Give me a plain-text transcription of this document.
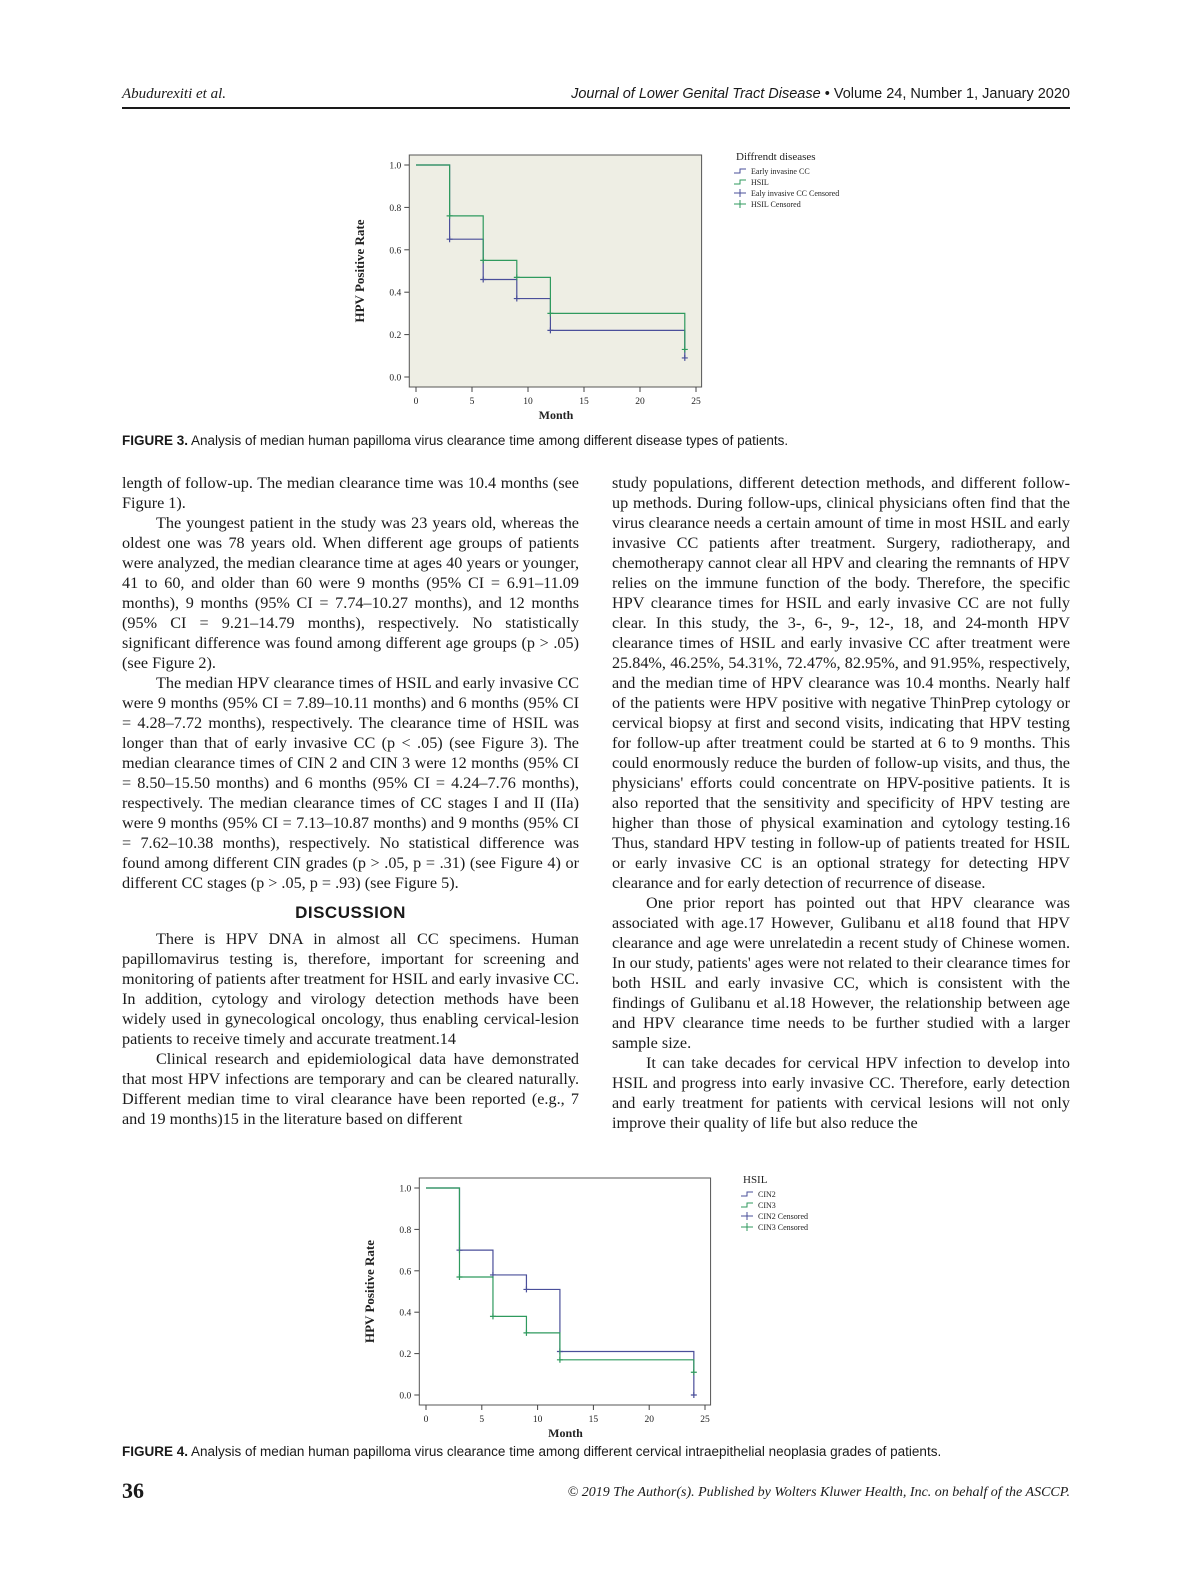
Abudurexiti et al.	Journal of Lower Genital Tract Disease • Volume 24, Number 1, January 2020
0.0
0.2
0.4
0.6
0.8
1.0
0	5	10	15	20	25
Month
HPV Positive Rate
Diffrendt diseases
Early invasine CC
HSIL
Ealy invasive CC Censored
HSIL Censored
FIGURE 3. Analysis of median human papilloma virus clearance time among different disease types of patients.

length of follow-up. The median clearance time was 10.4 months (see Figure 1).

The youngest patient in the study was 23 years old, whereas the oldest one was 78 years old. When different age groups of patients were analyzed, the median clearance time at ages 40 years or younger, 41 to 60, and older than 60 were 9 months (95% CI = 6.91–11.09 months), 9 months (95% CI = 7.74–10.27 months), and 12 months (95% CI = 9.21–14.79 months), respectively. No statistically significant difference was found among different age groups (p > .05) (see Figure 2).

The median HPV clearance times of HSIL and early invasive CC were 9 months (95% CI = 7.89–10.11 months) and 6 months (95% CI = 4.28–7.72 months), respectively. The clearance time of HSIL was longer than that of early invasive CC (p < .05) (see Figure 3). The median clearance times of CIN 2 and CIN 3 were 12 months (95% CI = 8.50–15.50 months) and 6 months (95% CI = 4.24–7.76 months), respectively. The median clearance times of CC stages I and II (IIa) were 9 months (95% CI = 7.13–10.87 months) and 9 months (95% CI = 7.62–10.38 months), respectively. No statistical difference was found among different CIN grades (p > .05, p = .31) (see Figure 4) or different CC stages (p > .05, p = .93) (see Figure 5).

DISCUSSION

There is HPV DNA in almost all CC specimens. Human papillomavirus testing is, therefore, important for screening and monitoring of patients after treatment for HSIL and early invasive CC. In addition, cytology and virology detection methods have been widely used in gynecological oncology, thus enabling cervical-lesion patients to receive timely and accurate treatment.14

Clinical research and epidemiological data have demonstrated that most HPV infections are temporary and can be cleared naturally. Different median time to viral clearance have been reported (e.g., 7 and 19 months)15 in the literature based on different

study populations, different detection methods, and different follow-up methods. During follow-ups, clinical physicians often find that the virus clearance needs a certain amount of time in most HSIL and early invasive CC patients after treatment. Surgery, radiotherapy, and chemotherapy cannot clear all HPV and clearing the remnants of HPV relies on the immune function of the body. Therefore, the specific HPV clearance times for HSIL and early invasive CC are not fully clear. In this study, the 3-, 6-, 9-, 12-, 18, and 24-month HPV clearance times of HSIL and early invasive CC after treatment were 25.84%, 46.25%, 54.31%, 72.47%, 82.95%, and 91.95%, respectively, and the median time of HPV clearance was 10.4 months. Nearly half of the patients were HPV positive with negative ThinPrep cytology or cervical biopsy at first and second visits, indicating that HPV testing for follow-up after treatment could be started at 6 to 9 months. This could enormously reduce the burden of follow-up visits, and thus, the physicians' efforts could concentrate on HPV-positive patients. It is also reported that the sensitivity and specificity of HPV testing are higher than those of physical examination and cytology testing.16 Thus, standard HPV testing in follow-up of patients treated for HSIL or early invasive CC is an optional strategy for detecting HPV clearance and for early detection of recurrence of disease.

One prior report has pointed out that HPV clearance was associated with age.17 However, Gulibanu et al18 found that HPV clearance and age were unrelatedin a recent study of Chinese women. In our study, patients' ages were not related to their clearance times for both HSIL and early invasive CC, which is consistent with the findings of Gulibanu et al.18 However, the relationship between age and HPV clearance time needs to be further studied with a larger sample size.

It can take decades for cervical HPV infection to develop into HSIL and progress into early invasive CC. Therefore, early detection and early treatment for patients with cervical lesions will not only improve their quality of life but also reduce the

0.0
0.2
0.4
0.6
0.8
1.0
0	5	10	15	20	25
Month
HPV Positive Rate
HSIL
CIN2
CIN3
CIN2 Censored
CIN3 Censored
FIGURE 4. Analysis of median human papilloma virus clearance time among different cervical intraepithelial neoplasia grades of patients.
36	© 2019 The Author(s). Published by Wolters Kluwer Health, Inc. on behalf of the ASCCP.
